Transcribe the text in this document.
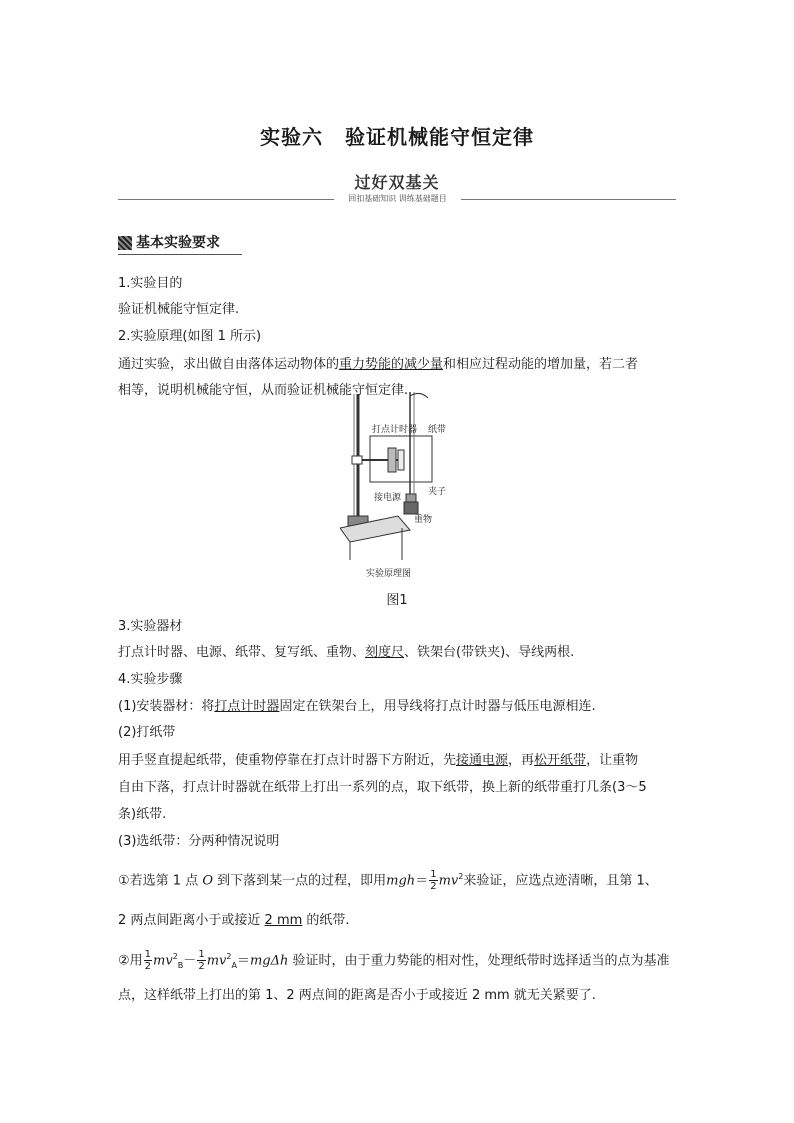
实验六 验证机械能守恒定律
过好双基关
回扣基础知识 训练基础题目
基本实验要求
1.实验目的
验证机械能守恒定律.
2.实验原理(如图 1 所示)
通过实验，求出做自由落体运动物体的重力势能的减少量和相应过程动能的增加量，若二者
相等，说明机械能守恒，从而验证机械能守恒定律.
打点计时器 纸带
夹子
接电源
重物
实验原理图
图1
3.实验器材
打点计时器、电源、纸带、复写纸、重物、刻度尺、铁架台(带铁夹)、导线两根.
4.实验步骤
(1)安装器材：将打点计时器固定在铁架台上，用导线将打点计时器与低压电源相连.
(2)打纸带
用手竖直提起纸带，使重物停靠在打点计时器下方附近，先接通电源，再松开纸带，让重物
自由下落，打点计时器就在纸带上打出一系列的点，取下纸带，换上新的纸带重打几条(3～5
条)纸带.
(3)选纸带：分两种情况说明
①若选第 1 点 O 到下落到某一点的过程，即用$mgh= \frac{1}{2} mv^2$来验证，应选点迹清晰，且第 1、
2 两点间距离小于或接近 2 mm 的纸带.
②用 $\frac{1}{2} mv^2_B- \frac{1}{2} mv^2_A=mg\Delta h$ 验证时，由于重力势能的相对性，处理纸带时选择适当的点为基准
点，这样纸带上打出的第 1、2 两点间的距离是否小于或接近 2 mm 就无关紧要了.
